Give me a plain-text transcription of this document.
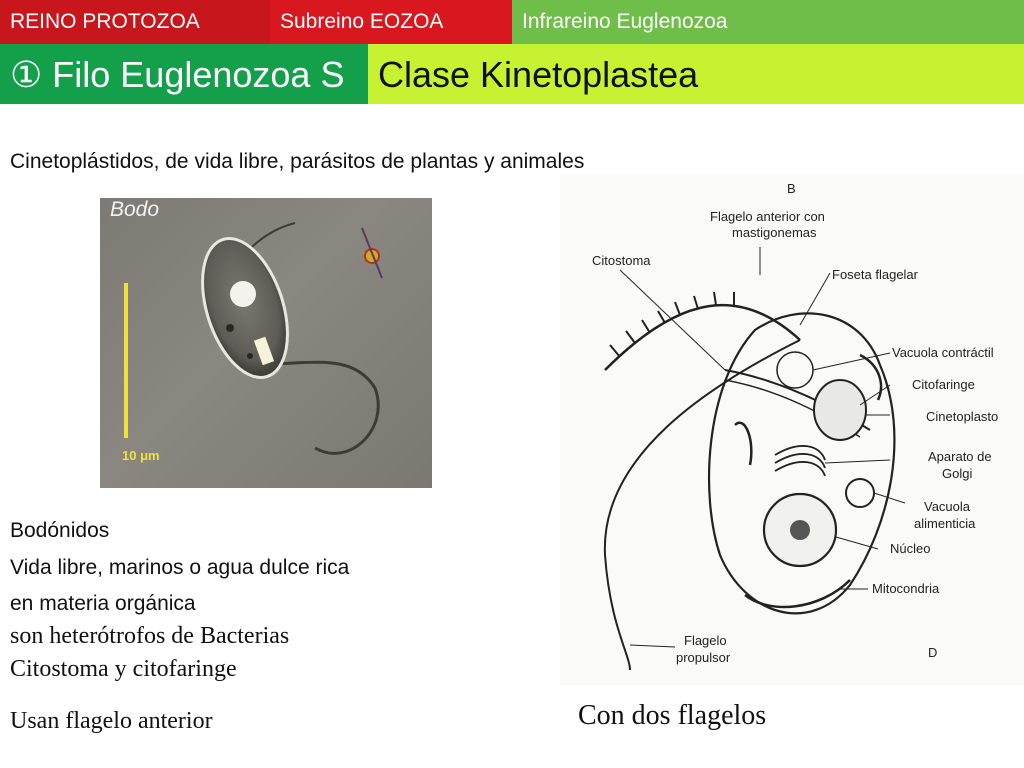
REINO PROTOZOA	Subreino EOZOA	Infrareino Euglenozoa
① Filo Euglenozoa S Clase Kinetoplastea
Cinetoplástidos, de vida libre, parásitos de plantas y animales
Bodo
10 μm
Bodónidos
Vida libre, marinos o agua dulce rica
en materia orgánica
son heterótrofos de Bacterias
Citostoma y citofaringe
Usan flagelo anterior
B
Flagelo anterior con
mastigonemas
Citostoma
Foseta flagelar
Vacuola contráctil
Citofaringe
Cinetoplasto
Aparato de
Golgi
Vacuola
alimenticia
Núcleo
Mitocondria
Flagelo
propulsor	D
Con dos flagelos
